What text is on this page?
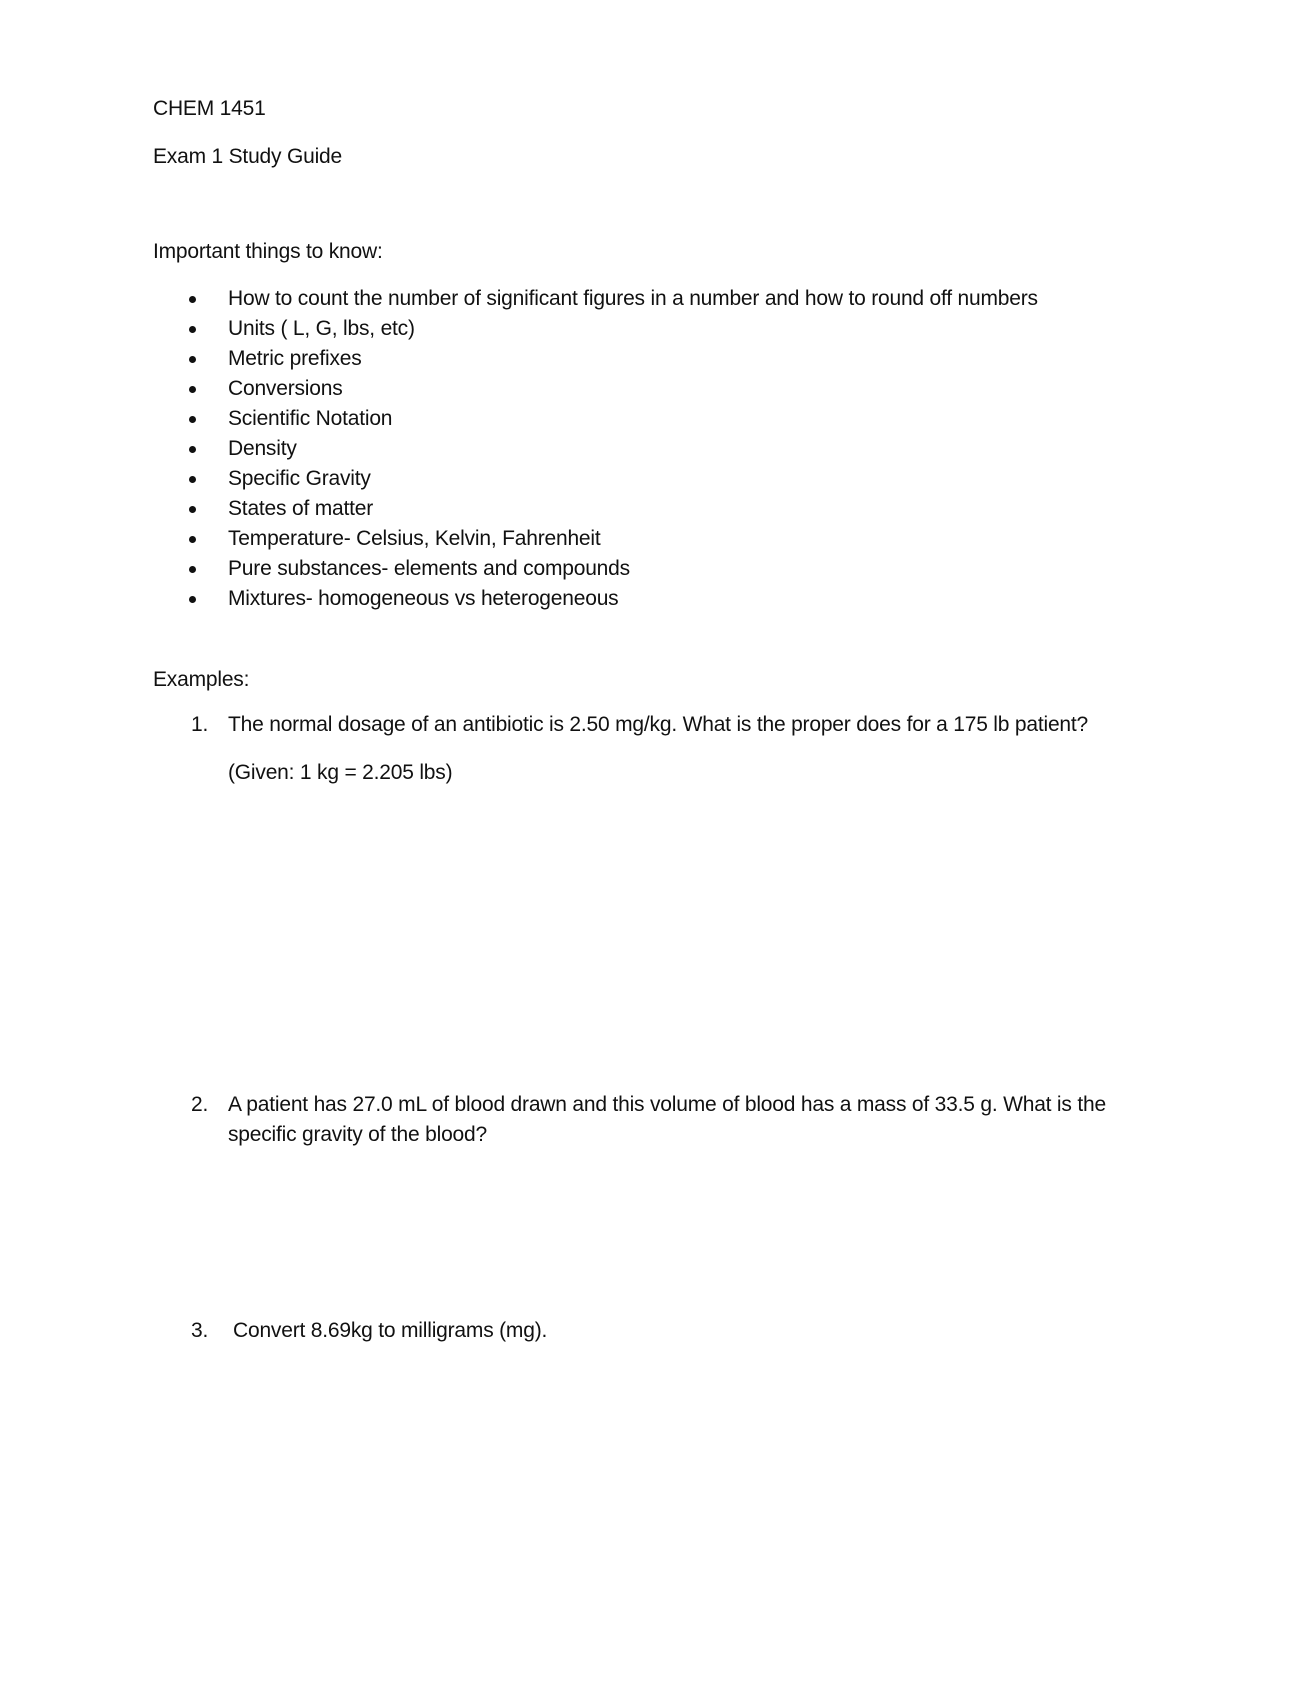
CHEM 1451
Exam 1 Study Guide
Important things to know:
How to count the number of significant figures in a number and how to round off numbers
Units ( L, G, lbs, etc)
Metric prefixes
Conversions
Scientific Notation
Density
Specific Gravity
States of matter
Temperature- Celsius, Kelvin, Fahrenheit
Pure substances- elements and compounds
Mixtures- homogeneous vs heterogeneous
Examples:
1. The normal dosage of an antibiotic is 2.50 mg/kg. What is the proper does for a 175 lb patient?
(Given: 1 kg = 2.205 lbs)
2. A patient has 27.0 mL of blood drawn and this volume of blood has a mass of 33.5 g. What is the specific gravity of the blood?
3. Convert 8.69kg to milligrams (mg).
